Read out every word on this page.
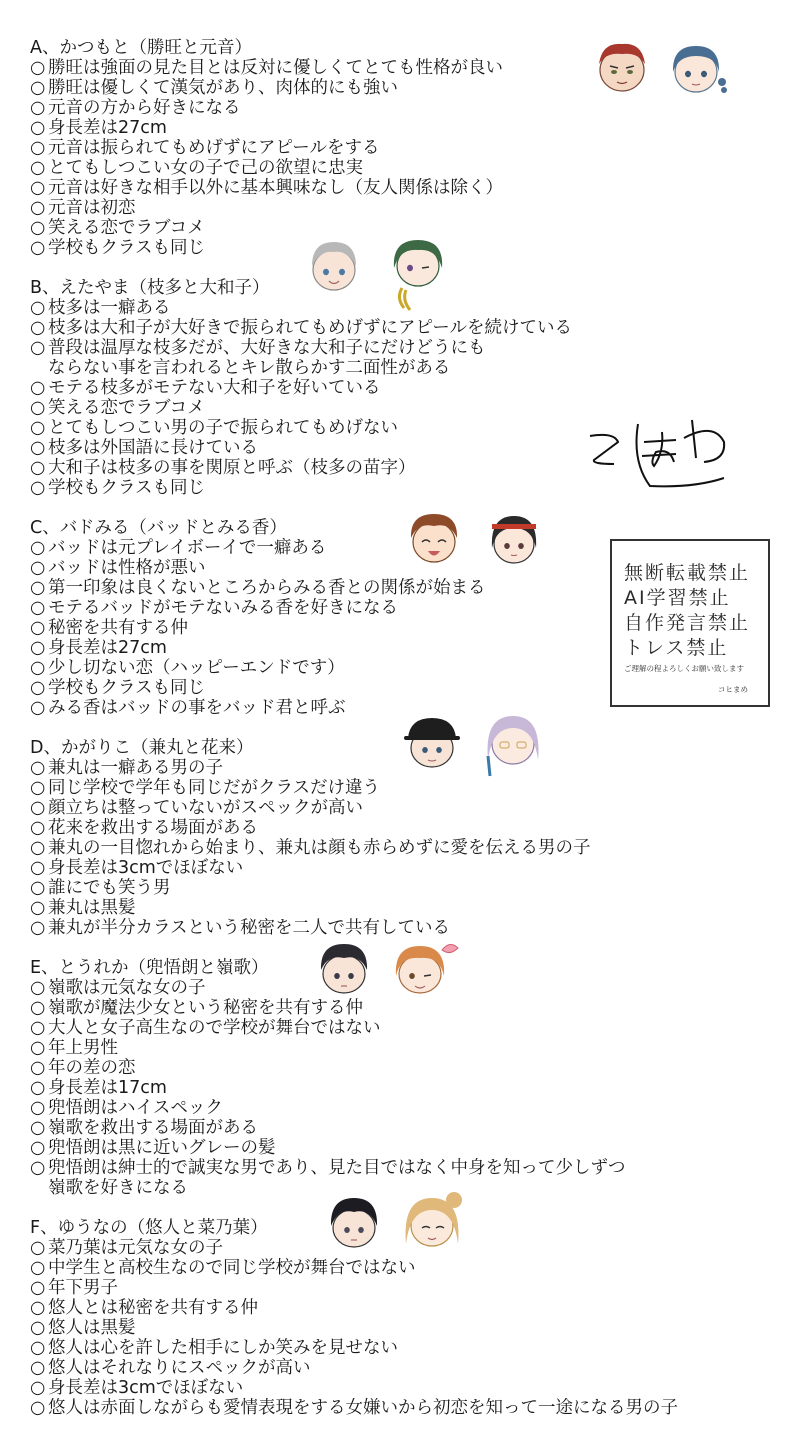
A、かつもと（勝旺と元音）
○ 勝旺は強面の見た目とは反対に優しくてとても性格が良い
○ 勝旺は優しくて漢気があり、肉体的にも強い
○ 元音の方から好きになる
○ 身長差は27cm
○ 元音は振られてもめげずにアピールをする
○ とてもしつこい女の子で己の欲望に忠実
○ 元音は好きな相手以外に基本興味なし（友人関係は除く）
○ 元音は初恋
○ 笑える恋でラブコメ
○ 学校もクラスも同じ
B、えたやま（枝多と大和子）
○ 枝多は一癖ある
○ 枝多は大和子が大好きで振られてもめげずにアピールを続けている
○ 普段は温厚な枝多だが、大好きな大和子にだけどうにも
ならない事を言われるとキレ散らかす二面性がある
○ モテる枝多がモテない大和子を好いている
○ 笑える恋でラブコメ
○ とてもしつこい男の子で振られてもめげない
○ 枝多は外国語に長けている
○ 大和子は枝多の事を関原と呼ぶ（枝多の苗字）
○ 学校もクラスも同じ
C、バドみる（バッドとみる香）
○ バッドは元プレイボーイで一癖ある
○ バッドは性格が悪い
○ 第一印象は良くないところからみる香との関係が始まる
○ モテるバッドがモテないみる香を好きになる
○ 秘密を共有する仲
○ 身長差は27cm
○ 少し切ない恋（ハッピーエンドです）
○ 学校もクラスも同じ
○ みる香はバッドの事をバッド君と呼ぶ
D、かがりこ（兼丸と花来）
○ 兼丸は一癖ある男の子
○ 同じ学校で学年も同じだがクラスだけ違う
○ 顔立ちは整っていないがスペックが高い
○ 花来を救出する場面がある
○ 兼丸の一目惚れから始まり、兼丸は顔も赤らめずに愛を伝える男の子
○ 身長差は3cmでほぼない
○ 誰にでも笑う男
○ 兼丸は黒髪
○ 兼丸が半分カラスという秘密を二人で共有している
E、とうれか（兜悟朗と嶺歌）
○ 嶺歌は元気な女の子
○ 嶺歌が魔法少女という秘密を共有する仲
○ 大人と女子高生なので学校が舞台ではない
○ 年上男性
○ 年の差の恋
○ 身長差は17cm
○ 兜悟朗はハイスペック
○ 嶺歌を救出する場面がある
○ 兜悟朗は黒に近いグレーの髪
○ 兜悟朗は紳士的で誠実な男であり、見た目ではなく中身を知って少しずつ
嶺歌を好きになる
F、ゆうなの（悠人と菜乃葉）
○ 菜乃葉は元気な女の子
○ 中学生と高校生なので同じ学校が舞台ではない
○ 年下男子
○ 悠人とは秘密を共有する仲
○ 悠人は黒髪
○ 悠人は心を許した相手にしか笑みを見せない
○ 悠人はそれなりにスペックが高い
○ 身長差は3cmでほぼない
○ 悠人は赤面しながらも愛情表現をする女嫌いから初恋を知って一途になる男の子
無断転載禁止
AI学習禁止
自作発言禁止
トレス禁止
ご理解の程よろしくお願い致します
コヒまめ
